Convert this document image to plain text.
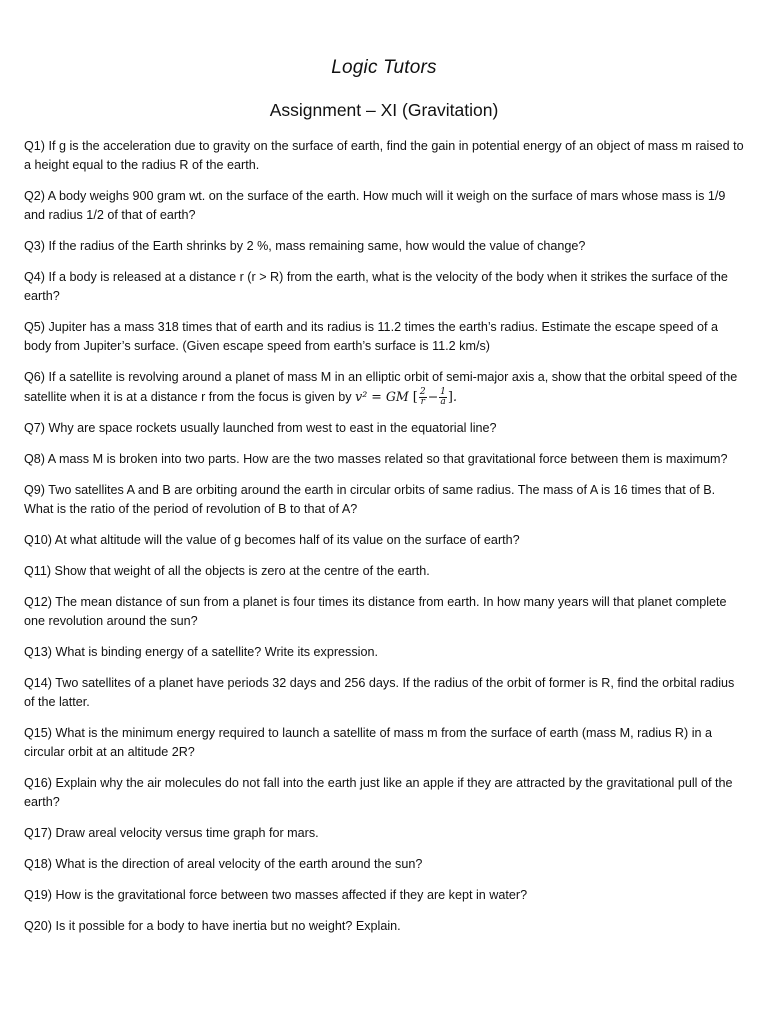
Logic Tutors
Assignment – XI (Gravitation)
Q1) If g is the acceleration due to gravity on the surface of earth, find the gain in potential energy of an object of mass m raised to a height equal to the radius R of the earth.
Q2) A body weighs 900 gram wt. on the surface of the earth. How much will it weigh on the surface of mars whose mass is 1/9 and radius 1/2 of that of earth?
Q3) If the radius of the Earth shrinks by 2 %, mass remaining same, how would the value of change?
Q4) If a body is released at a distance r (r > R) from the earth, what is the velocity of the body when it strikes the surface of the earth?
Q5) Jupiter has a mass 318 times that of earth and its radius is 11.2 times the earth’s radius. Estimate the escape speed of a body from Jupiter’s surface. (Given escape speed from earth’s surface is 11.2 km/s)
Q6) If a satellite is revolving around a planet of mass M in an elliptic orbit of semi-major axis a, show that the orbital speed of the satellite when it is at a distance r from the focus is given by v² = GM [ $\frac{2}{r} - \frac{1}{a}$ ].
Q7) Why are space rockets usually launched from west to east in the equatorial line?
Q8) A mass M is broken into two parts. How are the two masses related so that gravitational force between them is maximum?
Q9) Two satellites A and B are orbiting around the earth in circular orbits of same radius. The mass of A is 16 times that of B. What is the ratio of the period of revolution of B to that of A?
Q10) At what altitude will the value of g becomes half of its value on the surface of earth?
Q11) Show that weight of all the objects is zero at the centre of the earth.
Q12) The mean distance of sun from a planet is four times its distance from earth. In how many years will that planet complete one revolution around the sun?
Q13) What is binding energy of a satellite? Write its expression.
Q14) Two satellites of a planet have periods 32 days and 256 days. If the radius of the orbit of former is R, find the orbital radius of the latter.
Q15) What is the minimum energy required to launch a satellite of mass m from the surface of earth (mass M, radius R) in a circular orbit at an altitude 2R?
Q16) Explain why the air molecules do not fall into the earth just like an apple if they are attracted by the gravitational pull of the earth?
Q17) Draw areal velocity versus time graph for mars.
Q18) What is the direction of areal velocity of the earth around the sun?
Q19) How is the gravitational force between two masses affected if they are kept in water?
Q20) Is it possible for a body to have inertia but no weight? Explain.
